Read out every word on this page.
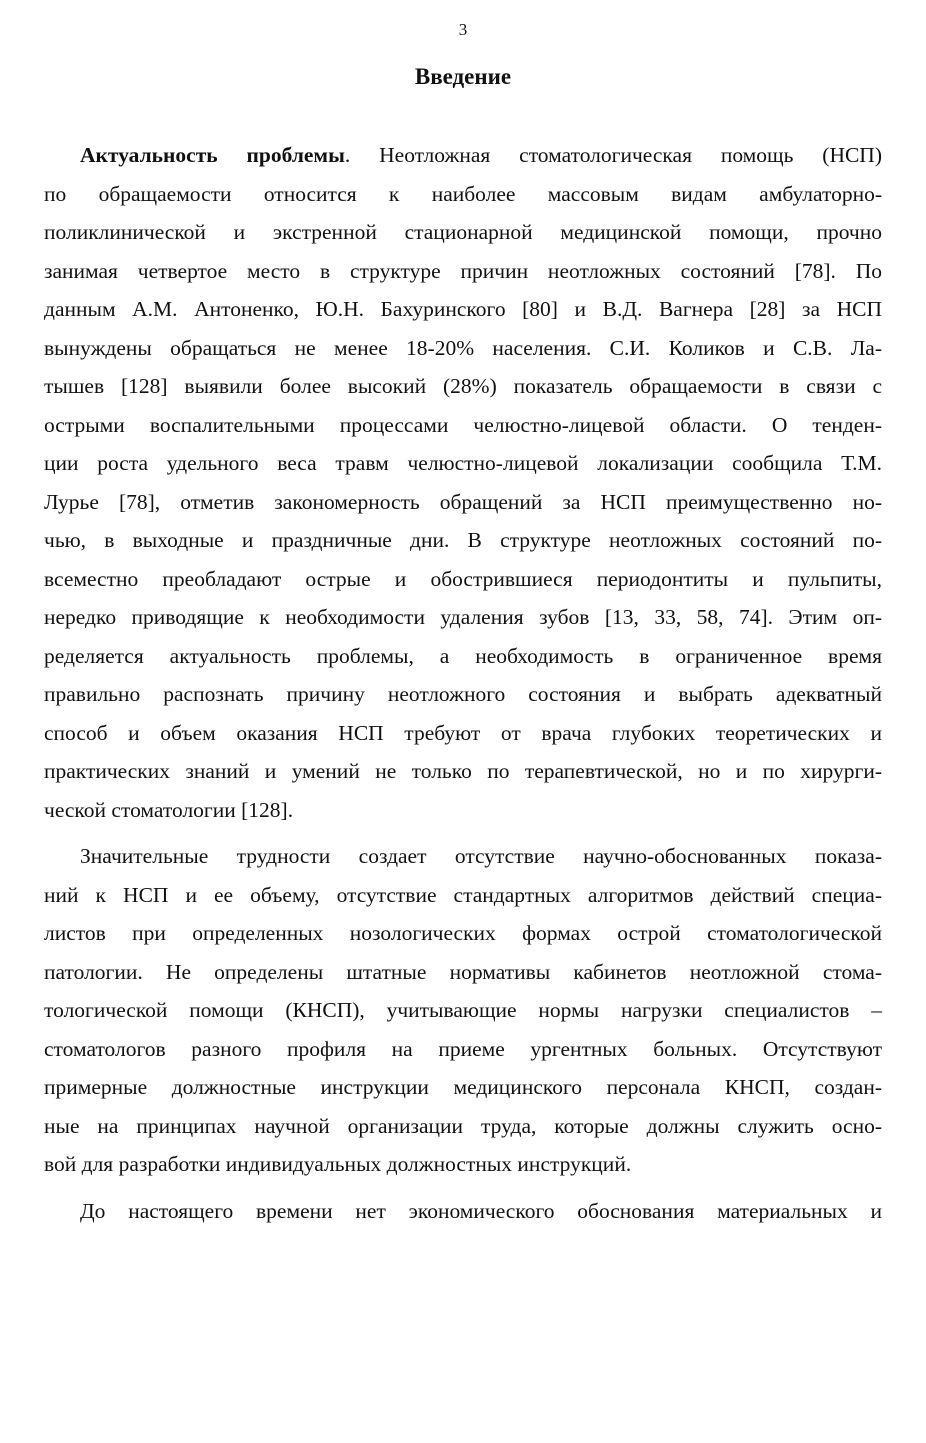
3
Введение
Актуальность проблемы. Неотложная стоматологическая помощь (НСП)
по обращаемости относится к наиболее массовым видам амбулаторно-
поликлинической и экстренной стационарной медицинской помощи, прочно
занимая четвертое место в структуре причин неотложных состояний [78]. По
данным А.М. Антоненко, Ю.Н. Бахуринского [80] и В.Д. Вагнера [28] за НСП
вынуждены обращаться не менее 18-20% населения. С.И. Коликов и С.В. Ла-
тышев [128] выявили более высокий (28%) показатель обращаемости в связи с
острыми воспалительными процессами челюстно-лицевой области. О тенден-
ции роста удельного веса травм челюстно-лицевой локализации сообщила Т.М.
Лурье [78], отметив закономерность обращений за НСП преимущественно но-
чью, в выходные и праздничные дни. В структуре неотложных состояний по-
всеместно преобладают острые и обострившиеся периодонтиты и пульпиты,
нередко приводящие к необходимости удаления зубов [13, 33, 58, 74]. Этим оп-
ределяется актуальность проблемы, а необходимость в ограниченное время
правильно распознать причину неотложного состояния и выбрать адекватный
способ и объем оказания НСП требуют от врача глубоких теоретических и
практических знаний и умений не только по терапевтической, но и по хирурги-
ческой стоматологии [128].
Значительные трудности создает отсутствие научно-обоснованных показа-
ний к НСП и ее объему, отсутствие стандартных алгоритмов действий специа-
листов при определенных нозологических формах острой стоматологической
патологии. Не определены штатные нормативы кабинетов неотложной стома-
тологической помощи (КНСП), учитывающие нормы нагрузки специалистов –
стоматологов разного профиля на приеме ургентных больных. Отсутствуют
примерные должностные инструкции медицинского персонала КНСП, создан-
ные на принципах научной организации труда, которые должны служить осно-
вой для разработки индивидуальных должностных инструкций.
До настоящего времени нет экономического обоснования материальных и
